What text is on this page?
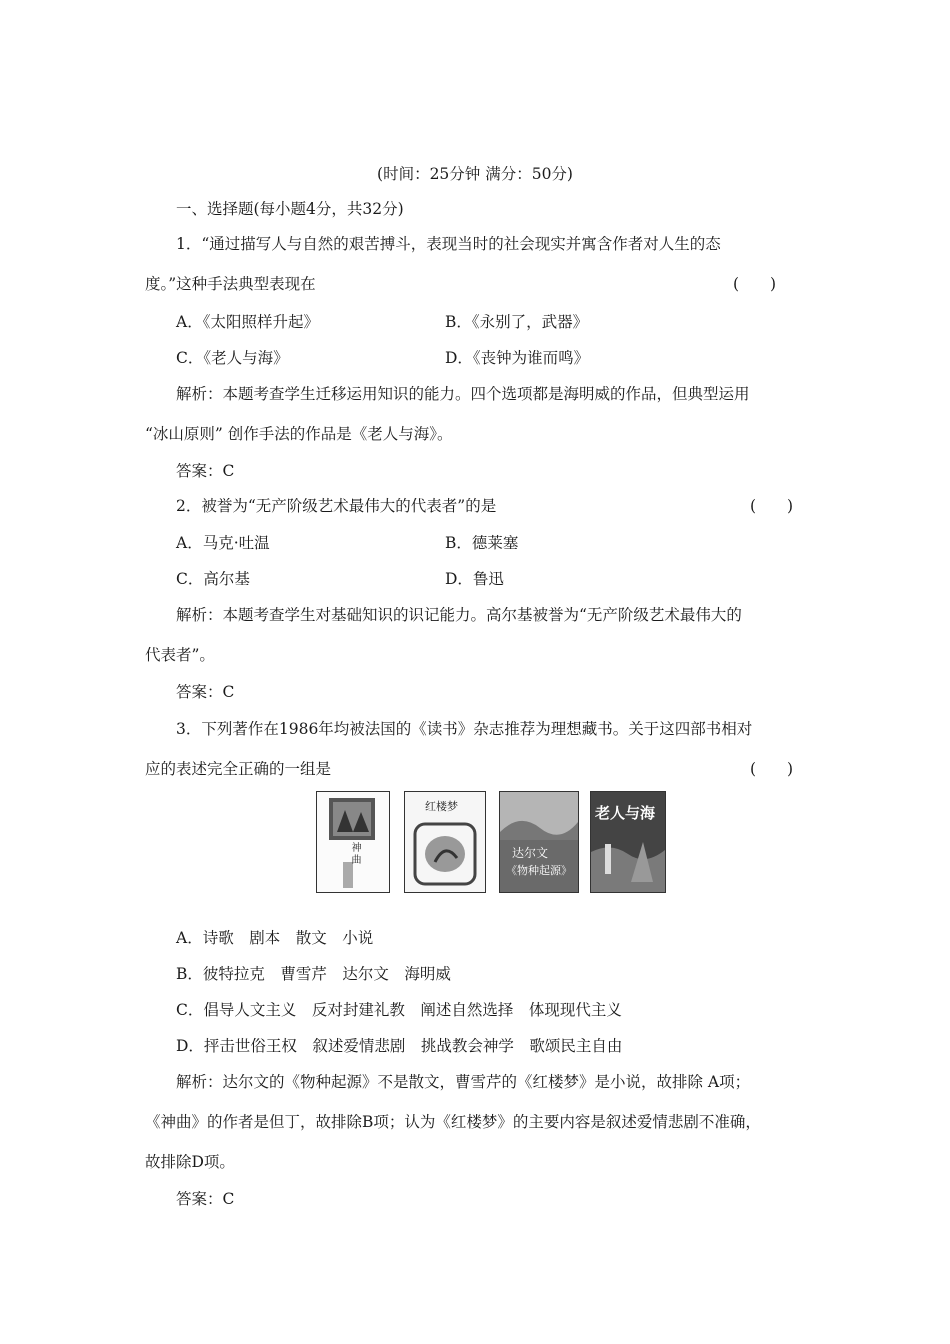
(时间：25分钟 满分：50分)
一、选择题(每小题4分，共32分)
1．“通过描写人与自然的艰苦搏斗，表现当时的社会现实并寓含作者对人生的态
度。”这种手法典型表现在	(　　)
A．《太阳照样升起》	B．《永别了，武器》
C．《老人与海》	D．《丧钟为谁而鸣》
解析：本题考查学生迁移运用知识的能力。四个选项都是海明威的作品，但典型运用
“冰山原则” 创作手法的作品是《老人与海》。
答案：C
2．被誉为“无产阶级艺术最伟大的代表者”的是	(　　)
A．马克·吐温	B．德莱塞
C．高尔基	D．鲁迅
解析：本题考查学生对基础知识的识记能力。高尔基被誉为“无产阶级艺术最伟大的
代表者”。
答案：C
3．下列著作在1986年均被法国的《读书》杂志推荐为理想藏书。关于这四部书相对
应的表述完全正确的一组是	(　　)
神曲
红楼梦
达尔文
《物种起源》
老人与海
A．诗歌　剧本　散文　小说
B．彼特拉克　曹雪芹　达尔文　海明威
C．倡导人文主义　反对封建礼教　阐述自然选择　体现现代主义
D．抨击世俗王权　叙述爱情悲剧　挑战教会神学　歌颂民主自由
解析：达尔文的《物种起源》不是散文，曹雪芹的《红楼梦》是小说，故排除 A项；
《神曲》的作者是但丁，故排除B项；认为《红楼梦》的主要内容是叙述爱情悲剧不准确，
故排除D项。
答案：C
